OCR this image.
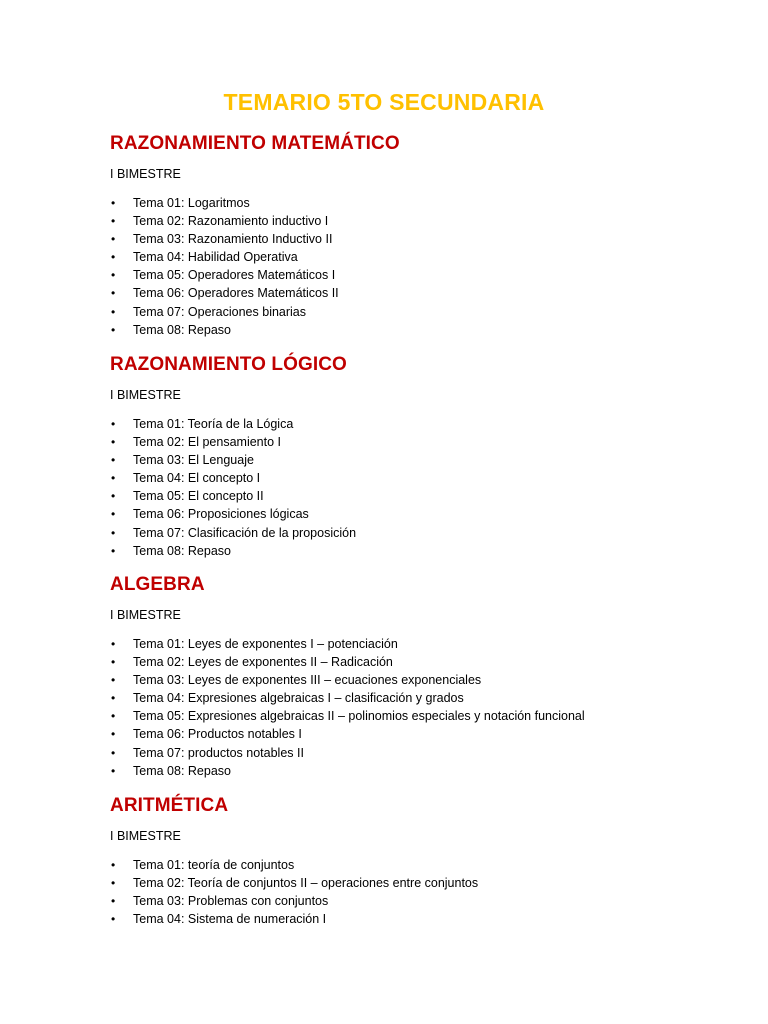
TEMARIO 5TO SECUNDARIA
RAZONAMIENTO MATEMÁTICO

I BIMESTRE

• Tema 01: Logaritmos
• Tema 02: Razonamiento inductivo I
• Tema 03: Razonamiento Inductivo II
• Tema 04: Habilidad Operativa
• Tema 05: Operadores Matemáticos I
• Tema 06: Operadores Matemáticos II
• Tema 07: Operaciones binarias
• Tema 08: Repaso
RAZONAMIENTO LÓGICO

I BIMESTRE

• Tema 01: Teoría de la Lógica
• Tema 02: El pensamiento I
• Tema 03: El Lenguaje
• Tema 04: El concepto I
• Tema 05: El concepto II
• Tema 06: Proposiciones lógicas
• Tema 07: Clasificación de la proposición
• Tema 08: Repaso
ALGEBRA

I BIMESTRE

• Tema 01: Leyes de exponentes I – potenciación
• Tema 02: Leyes de exponentes II – Radicación
• Tema 03: Leyes de exponentes III – ecuaciones exponenciales
• Tema 04: Expresiones algebraicas I – clasificación y grados
• Tema 05: Expresiones algebraicas II – polinomios especiales y notación funcional
• Tema 06: Productos notables I
• Tema 07: productos notables II
• Tema 08: Repaso
ARITMÉTICA

I BIMESTRE

• Tema 01: teoría de conjuntos
• Tema 02: Teoría de conjuntos II – operaciones entre conjuntos
• Tema 03: Problemas con conjuntos
• Tema 04: Sistema de numeración I
